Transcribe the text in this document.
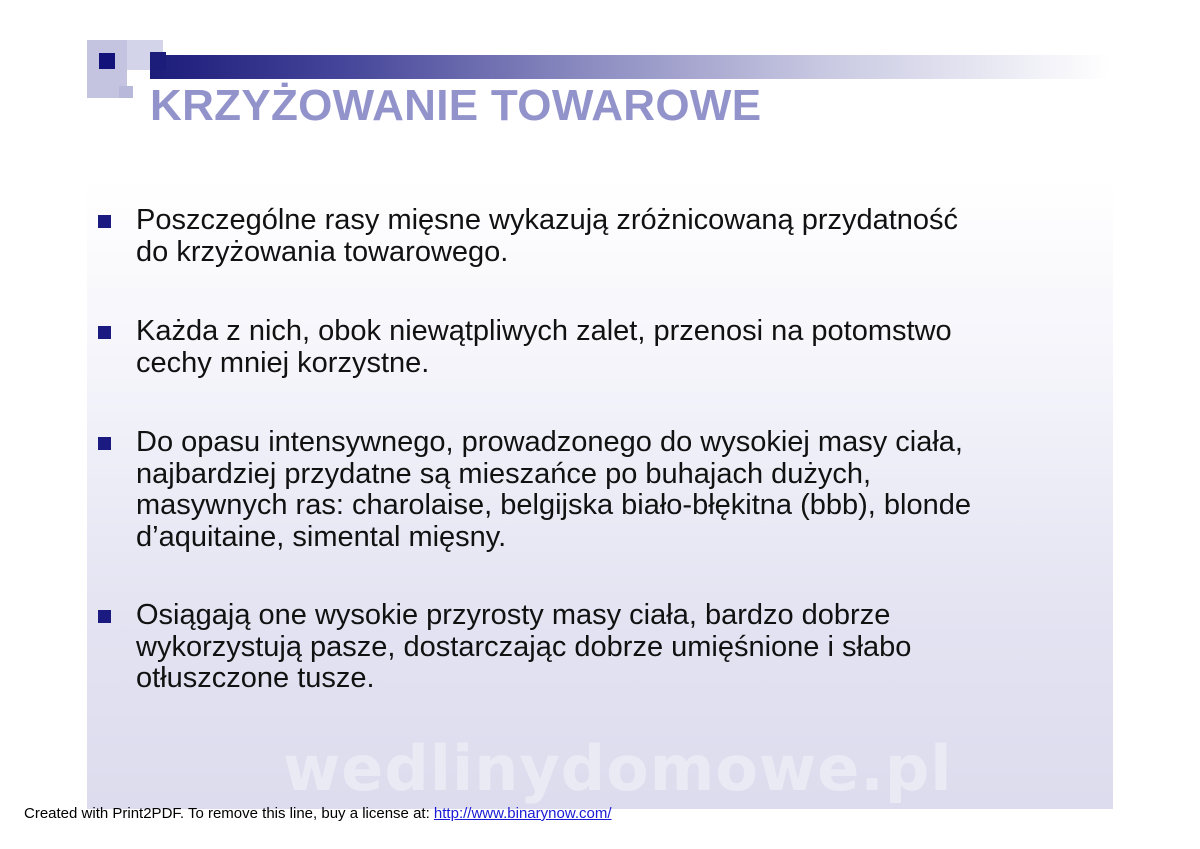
KRZYŻOWANIE TOWAROWE
wedlinydomowe.pl
Poszczególne rasy mięsne wykazują zróżnicowaną przydatność
do krzyżowania towarowego.
Każda z nich, obok niewątpliwych zalet, przenosi na potomstwo
cechy mniej korzystne.
Do opasu intensywnego, prowadzonego do wysokiej masy ciała,
najbardziej przydatne są mieszańce po buhajach dużych,
masywnych ras: charolaise, belgijska biało-błękitna (bbb), blonde
d’aquitaine, simental mięsny.
Osiągają one wysokie przyrosty masy ciała, bardzo dobrze
wykorzystują pasze, dostarczając dobrze umięśnione i słabo
otłuszczone tusze.
Created with Print2PDF. To remove this line, buy a license at: http://www.binarynow.com/
